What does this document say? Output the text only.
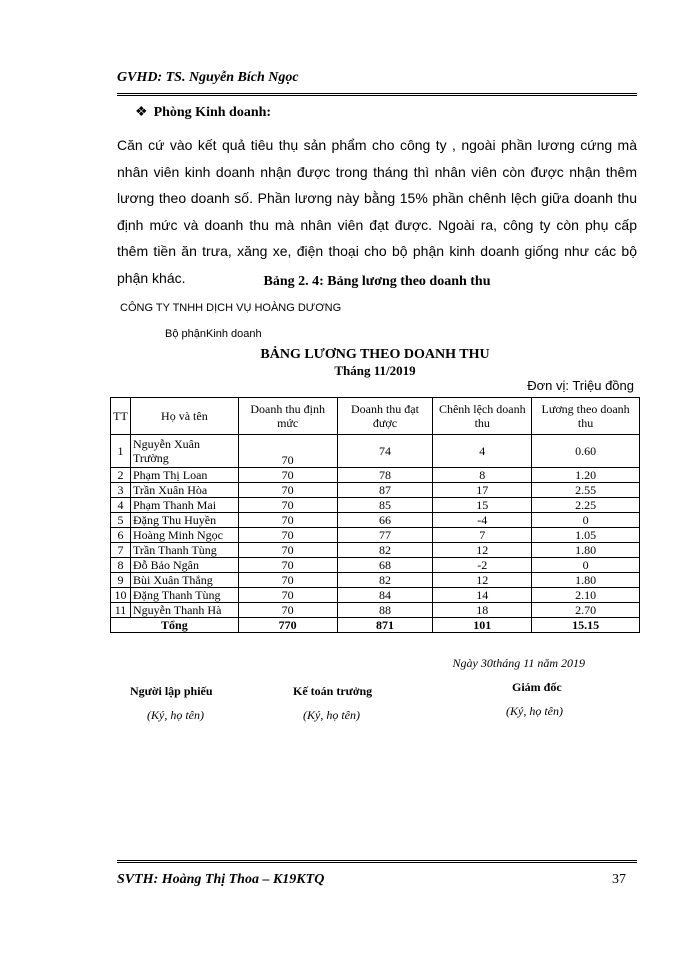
GVHD: TS. Nguyễn Bích Ngọc
❖ Phòng Kinh doanh:
Căn cứ vào kết quả tiêu thụ sản phẩm cho công ty , ngoài phần lương cứng mà nhân viên kinh doanh nhận được trong tháng thì nhân viên còn được nhận thêm lương theo doanh số. Phần lương này bằng 15% phần chênh lệch giữa doanh thu định mức và doanh thu mà nhân viên đạt được. Ngoài ra, công ty còn phụ cấp thêm tiền ăn trưa, xăng xe, điện thoại cho bộ phận kinh doanh giống như các bộ phận khác.	Bảng 2. 4: Bảng lương theo doanh thu
CÔNG TY TNHH DỊCH VỤ HOÀNG DƯƠNG
Bộ phậnKinh doanh
BẢNG LƯƠNG THEO DOANH THU
Tháng 11/2019
Đơn vị: Triệu đồng
TT	Họ và tên	Doanh thu định mức	Doanh thu đạt được	Chênh lệch doanh thu	Lương theo doanh thu
1	Nguyễn Xuân Trường	70	74	4	0.60
2	Phạm Thị Loan	70	78	8	1.20
3	Trần Xuân Hòa	70	87	17	2.55
4	Phạm Thanh Mai	70	85	15	2.25
5	Đặng Thu Huyền	70	66	-4	0
6	Hoàng Minh Ngọc	70	77	7	1.05
7	Trần Thanh Tùng	70	82	12	1.80
8	Đỗ Bảo Ngân	70	68	-2	0
9	Bùi Xuân Thắng	70	82	12	1.80
10	Đặng Thanh Tùng	70	84	14	2.10
11	Nguyễn Thanh Hà	70	88	18	2.70
Tổng		770	871	101	15.15
Ngày 30tháng 11 năm 2019
Người lập phiếu
(Ký, họ tên)
Kế toán trưởng
(Ký, họ tên)
Giám đốc
(Ký, họ tên)
SVTH: Hoàng Thị Thoa – K19KTQ	37
